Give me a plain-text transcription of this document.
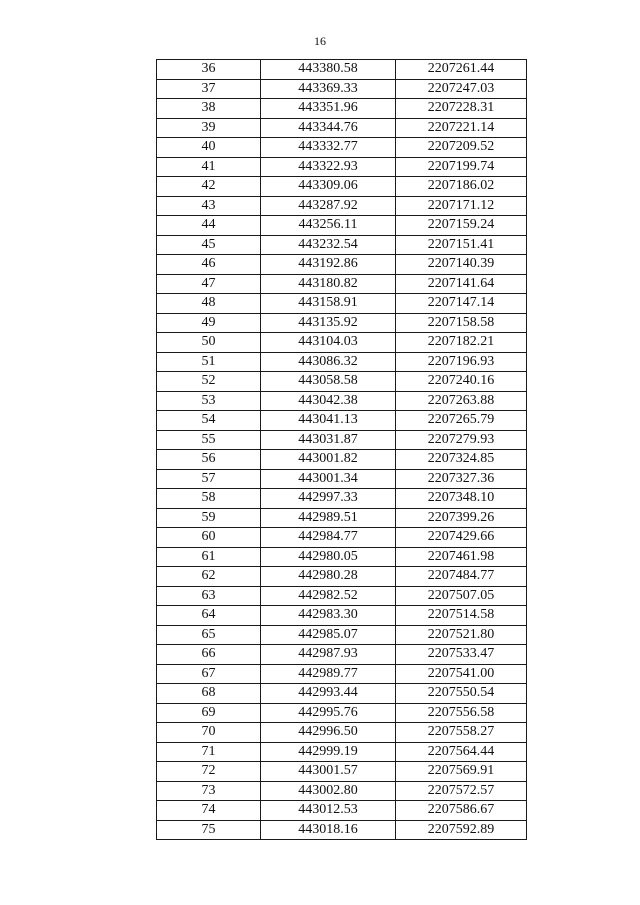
16
36	443380.58	2207261.44
37	443369.33	2207247.03
38	443351.96	2207228.31
39	443344.76	2207221.14
40	443332.77	2207209.52
41	443322.93	2207199.74
42	443309.06	2207186.02
43	443287.92	2207171.12
44	443256.11	2207159.24
45	443232.54	2207151.41
46	443192.86	2207140.39
47	443180.82	2207141.64
48	443158.91	2207147.14
49	443135.92	2207158.58
50	443104.03	2207182.21
51	443086.32	2207196.93
52	443058.58	2207240.16
53	443042.38	2207263.88
54	443041.13	2207265.79
55	443031.87	2207279.93
56	443001.82	2207324.85
57	443001.34	2207327.36
58	442997.33	2207348.10
59	442989.51	2207399.26
60	442984.77	2207429.66
61	442980.05	2207461.98
62	442980.28	2207484.77
63	442982.52	2207507.05
64	442983.30	2207514.58
65	442985.07	2207521.80
66	442987.93	2207533.47
67	442989.77	2207541.00
68	442993.44	2207550.54
69	442995.76	2207556.58
70	442996.50	2207558.27
71	442999.19	2207564.44
72	443001.57	2207569.91
73	443002.80	2207572.57
74	443012.53	2207586.67
75	443018.16	2207592.89
